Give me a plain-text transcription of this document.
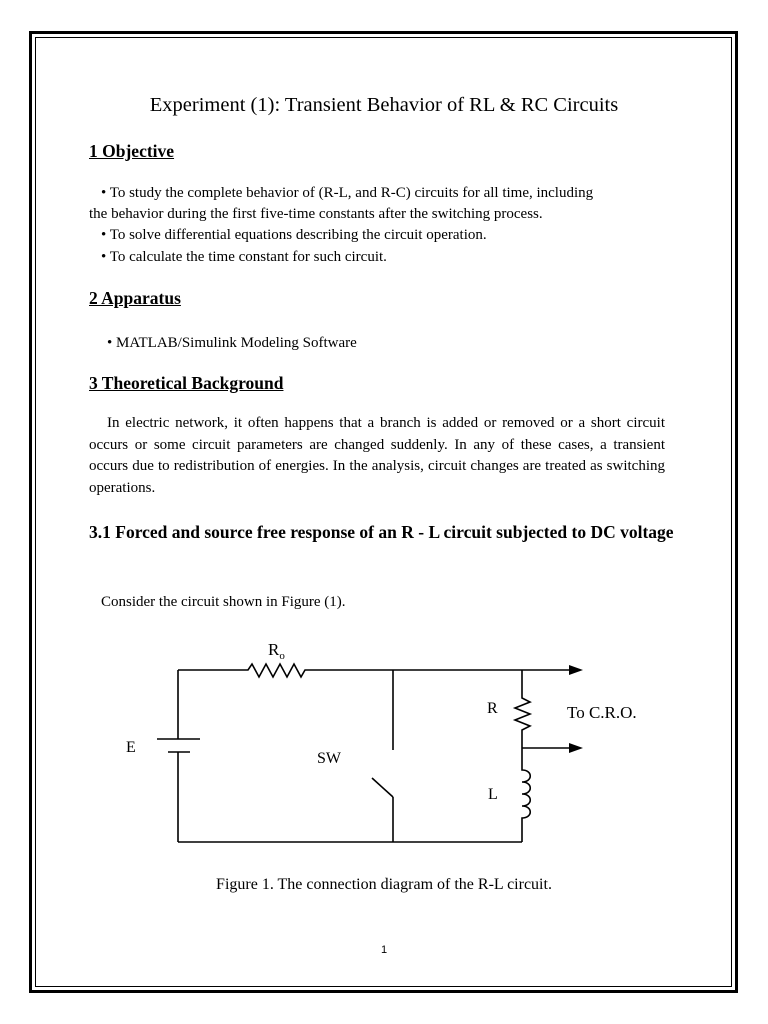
Experiment (1): Transient Behavior of RL & RC Circuits
1 Objective
• To study the complete behavior of (R-L, and R-C) circuits for all time, including
the behavior during the first five-time constants after the switching process.
• To solve differential equations describing the circuit operation.
• To calculate the time constant for such circuit.
2 Apparatus
• MATLAB/Simulink Modeling Software
3 Theoretical Background
In electric network, it often happens that a branch is added or removed or a short circuit occurs or some circuit parameters are changed suddenly. In any of these cases, a transient occurs due to redistribution of energies. In the analysis, circuit changes are treated as switching operations.
3.1 Forced and source free response of an R - L circuit subjected to DC voltage
Consider the circuit shown in Figure (1).
$R_o$
E
SW
R
L
To C.R.O.
Figure 1. The connection diagram of the R-L circuit.
1
